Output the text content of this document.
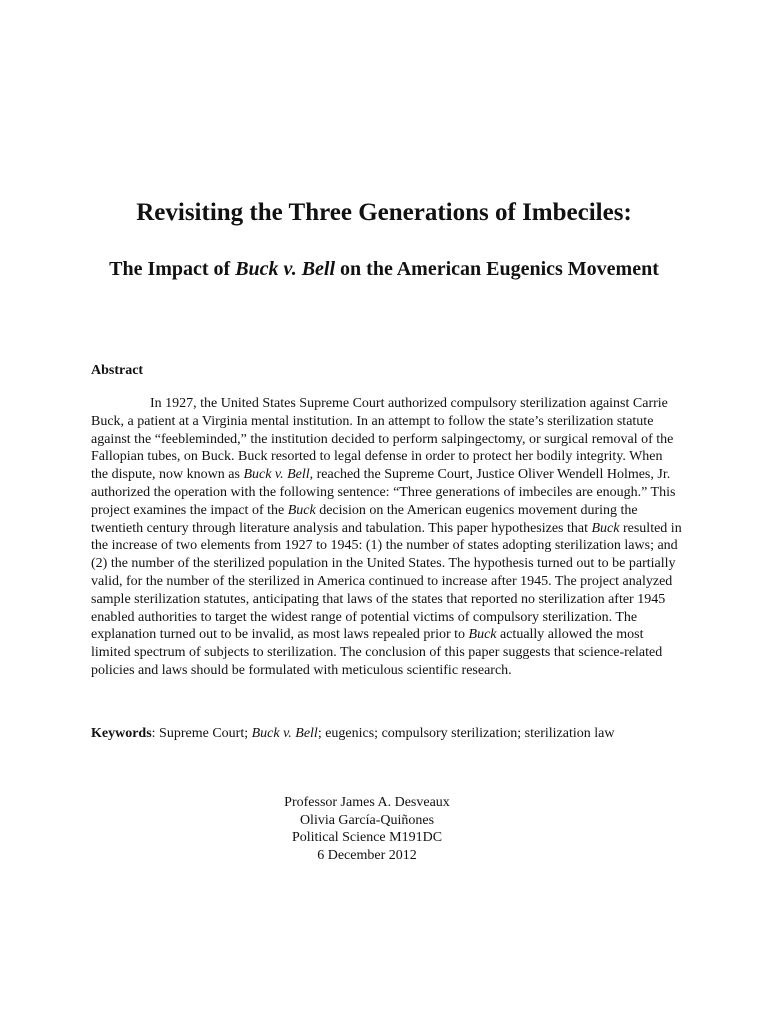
Revisiting the Three Generations of Imbeciles:
The Impact of Buck v. Bell on the American Eugenics Movement

Abstract

In 1927, the United States Supreme Court authorized compulsory sterilization against Carrie Buck, a patient at a Virginia mental institution. In an attempt to follow the state’s sterilization statute against the “feebleminded,” the institution decided to perform salpingectomy, or surgical removal of the Fallopian tubes, on Buck. Buck resorted to legal defense in order to protect her bodily integrity. When the dispute, now known as Buck v. Bell, reached the Supreme Court, Justice Oliver Wendell Holmes, Jr. authorized the operation with the following sentence: “Three generations of imbeciles are enough.” This project examines the impact of the Buck decision on the American eugenics movement during the twentieth century through literature analysis and tabulation. This paper hypothesizes that Buck resulted in the increase of two elements from 1927 to 1945: (1) the number of states adopting sterilization laws; and (2) the number of the sterilized population in the United States. The hypothesis turned out to be partially valid, for the number of the sterilized in America continued to increase after 1945. The project analyzed sample sterilization statutes, anticipating that laws of the states that reported no sterilization after 1945 enabled authorities to target the widest range of potential victims of compulsory sterilization. The explanation turned out to be invalid, as most laws repealed prior to Buck actually allowed the most limited spectrum of subjects to sterilization. The conclusion of this paper suggests that science-related policies and laws should be formulated with meticulous scientific research.

Keywords: Supreme Court; Buck v. Bell; eugenics; compulsory sterilization; sterilization law

Professor James A. Desveaux
Olivia García-Quiñones
Political Science M191DC
6 December 2012
